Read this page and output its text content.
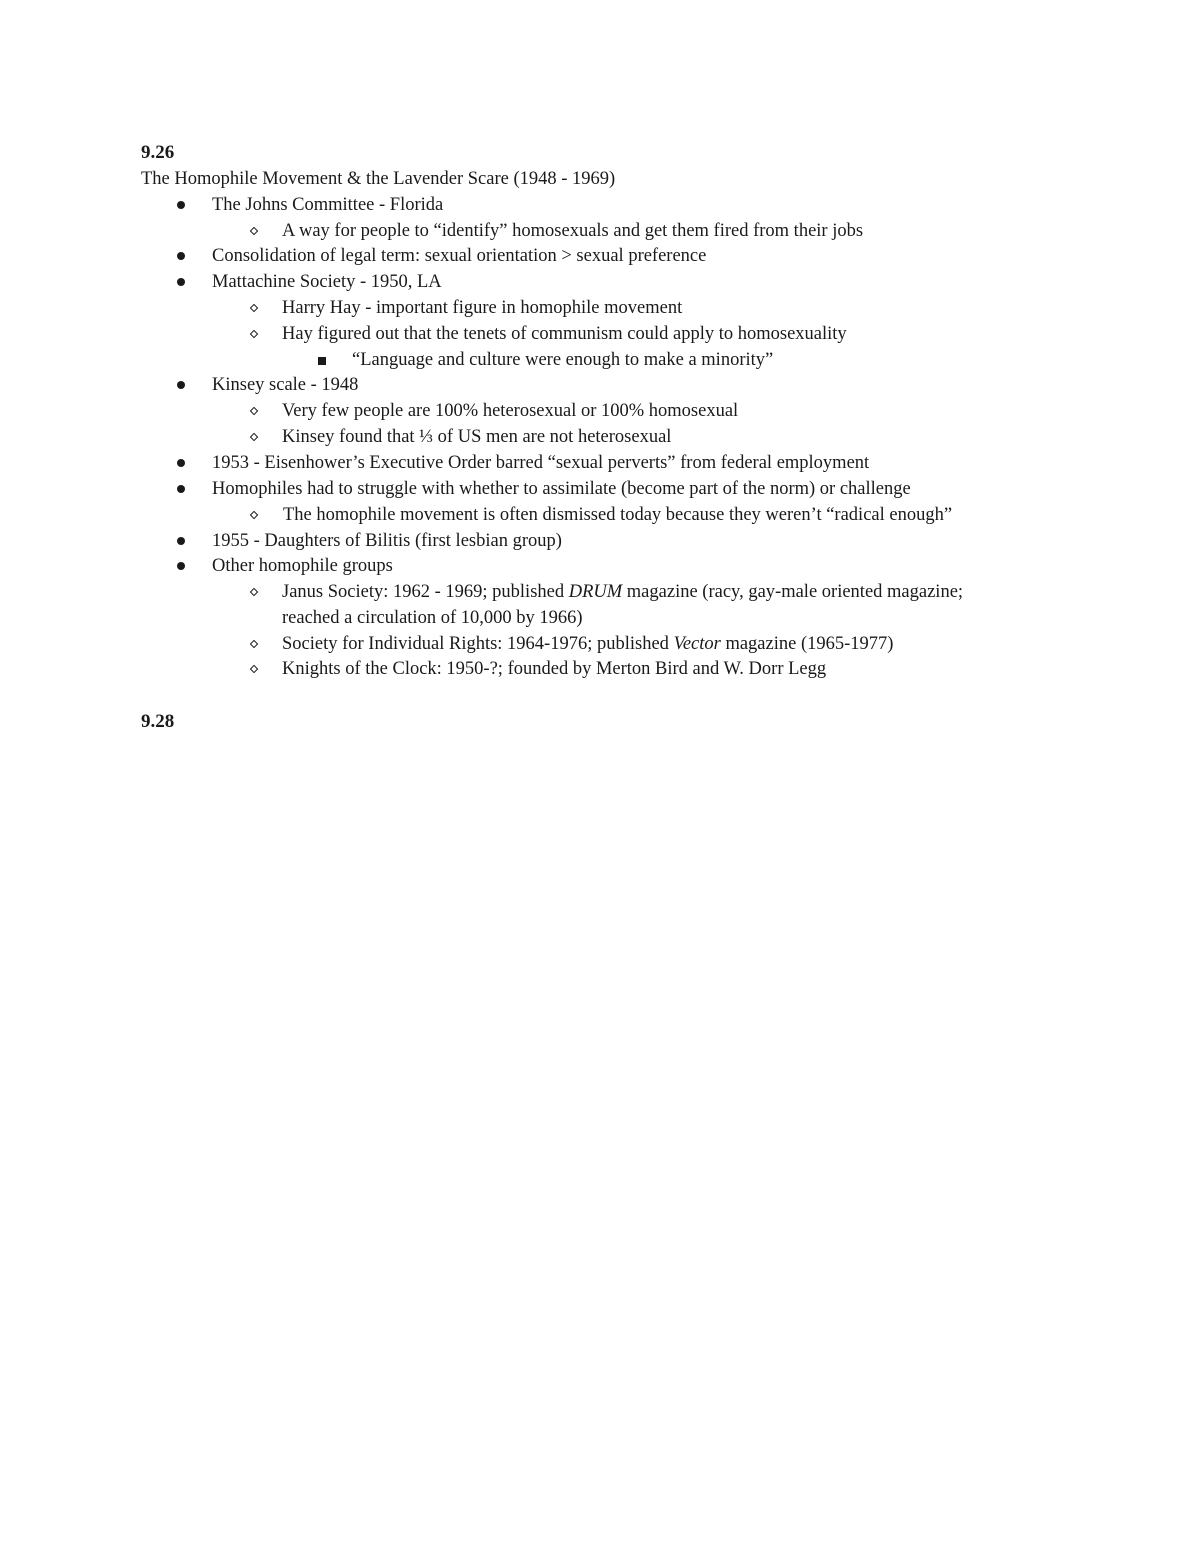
9.26
The Homophile Movement & the Lavender Scare (1948 - 1969)
The Johns Committee - Florida
A way for people to “identify” homosexuals and get them fired from their jobs
Consolidation of legal term: sexual orientation > sexual preference
Mattachine Society - 1950, LA
Harry Hay - important figure in homophile movement
Hay figured out that the tenets of communism could apply to homosexuality
“Language and culture were enough to make a minority”
Kinsey scale - 1948
Very few people are 100% heterosexual or 100% homosexual
Kinsey found that ⅓ of US men are not heterosexual
1953 - Eisenhower’s Executive Order barred “sexual perverts” from federal employment
Homophiles had to struggle with whether to assimilate (become part of the norm) or challenge
The homophile movement is often dismissed today because they weren’t “radical enough”
1955 - Daughters of Bilitis (first lesbian group)
Other homophile groups
Janus Society: 1962 - 1969; published DRUM magazine (racy, gay-male oriented magazine;
reached a circulation of 10,000 by 1966)
Society for Individual Rights: 1964-1976; published Vector magazine (1965-1977)
Knights of the Clock: 1950-?; founded by Merton Bird and W. Dorr Legg
9.28
